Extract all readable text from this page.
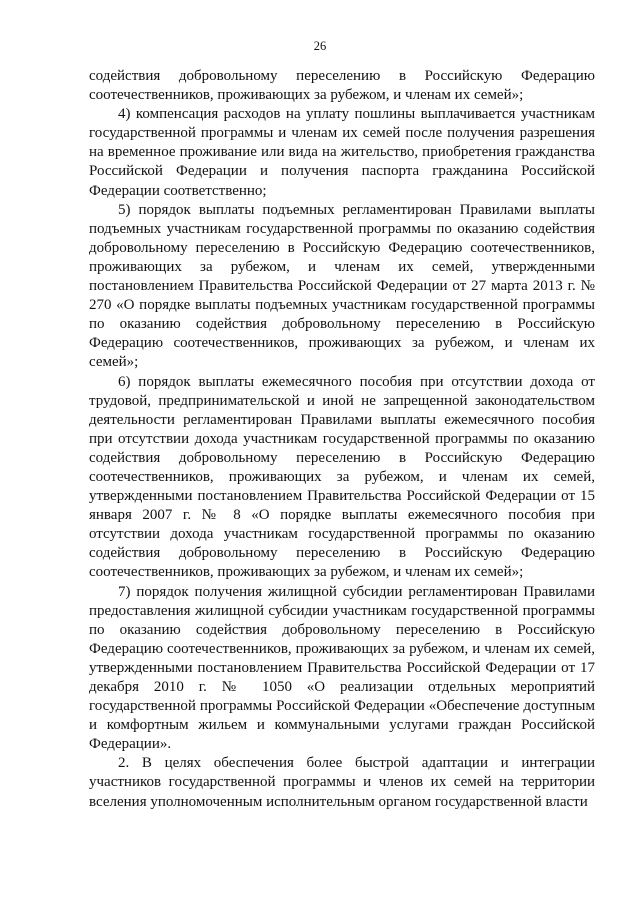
26

содействия добровольному переселению в Российскую Федерацию соотечественников, проживающих за рубежом, и членам их семей»;

4) компенсация расходов на уплату пошлины выплачивается участникам государственной программы и членам их семей после получения разрешения на временное проживание или вида на жительство, приобретения гражданства Российской Федерации и получения паспорта гражданина Российской Федерации соответственно;

5) порядок выплаты подъемных регламентирован Правилами выплаты подъемных участникам государственной программы по оказанию содействия добровольному переселению в Российскую Федерацию соотечественников, проживающих за рубежом, и членам их семей, утвержденными постановлением Правительства Российской Федерации от 27 марта 2013 г. № 270 «О порядке выплаты подъемных участникам государственной программы по оказанию содействия добровольному переселению в Российскую Федерацию соотечественников, проживающих за рубежом, и членам их семей»;

6) порядок выплаты ежемесячного пособия при отсутствии дохода от трудовой, предпринимательской и иной не запрещенной законодательством деятельности регламентирован Правилами выплаты ежемесячного пособия при отсутствии дохода участникам государственной программы по оказанию содействия добровольному переселению в Российскую Федерацию соотечественников, проживающих за рубежом, и членам их семей, утвержденными постановлением Правительства Российской Федерации от 15 января 2007 г. № 8 «О порядке выплаты ежемесячного пособия при отсутствии дохода участникам государственной программы по оказанию содействия добровольному переселению в Российскую Федерацию соотечественников, проживающих за рубежом, и членам их семей»;

7) порядок получения жилищной субсидии регламентирован Правилами предоставления жилищной субсидии участникам государственной программы по оказанию содействия добровольному переселению в Российскую Федерацию соотечественников, проживающих за рубежом, и членам их семей, утвержденными постановлением Правительства Российской Федерации от 17 декабря 2010 г. № 1050 «О реализации отдельных мероприятий государственной программы Российской Федерации «Обеспечение доступным и комфортным жильем и коммунальными услугами граждан Российской Федерации».

2. В целях обеспечения более быстрой адаптации и интеграции участников государственной программы и членов их семей на территории вселения уполномоченным исполнительным органом государственной власти
